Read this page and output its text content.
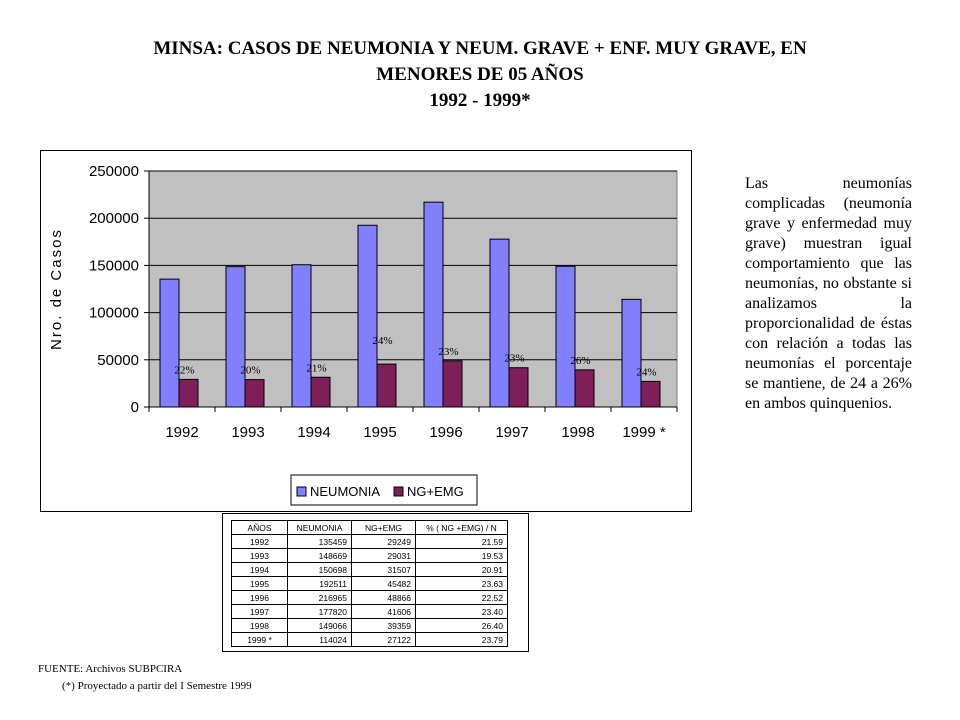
MINSA: CASOS DE NEUMONIA Y NEUM. GRAVE + ENF. MUY GRAVE, EN
MENORES DE 05 AÑOS
1992 - 1999*
0
50000
100000
150000
200000
250000
Nro. de Casos
22%
1992
20%
1993
21%
1994
24%
1995
23%
1996
23%
1997
26%
1998
24%
1999 *
NEUMONIA NG+EMG
Las neumonías complicadas (neumonía grave y enfermedad muy grave) muestran igual comportamiento que las neumonías, no obstante si analizamos la proporcionalidad de éstas con relación a todas las neumonías el porcentaje se mantiene, de 24 a 26% en ambos quinquenios.
AÑOS	NEUMONIA	NG+EMG	% ( NG +EMG) / N
1992	135459	29249	21.59
1993	148669	29031	19.53
1994	150698	31507	20.91
1995	192511	45482	23.63
1996	216965	48866	22.52
1997	177820	41606	23.40
1998	149066	39359	26.40
1999 *	114024	27122	23.79
FUENTE: Archivos SUBPCIRA
(*) Proyectado a partir del I Semestre 1999
